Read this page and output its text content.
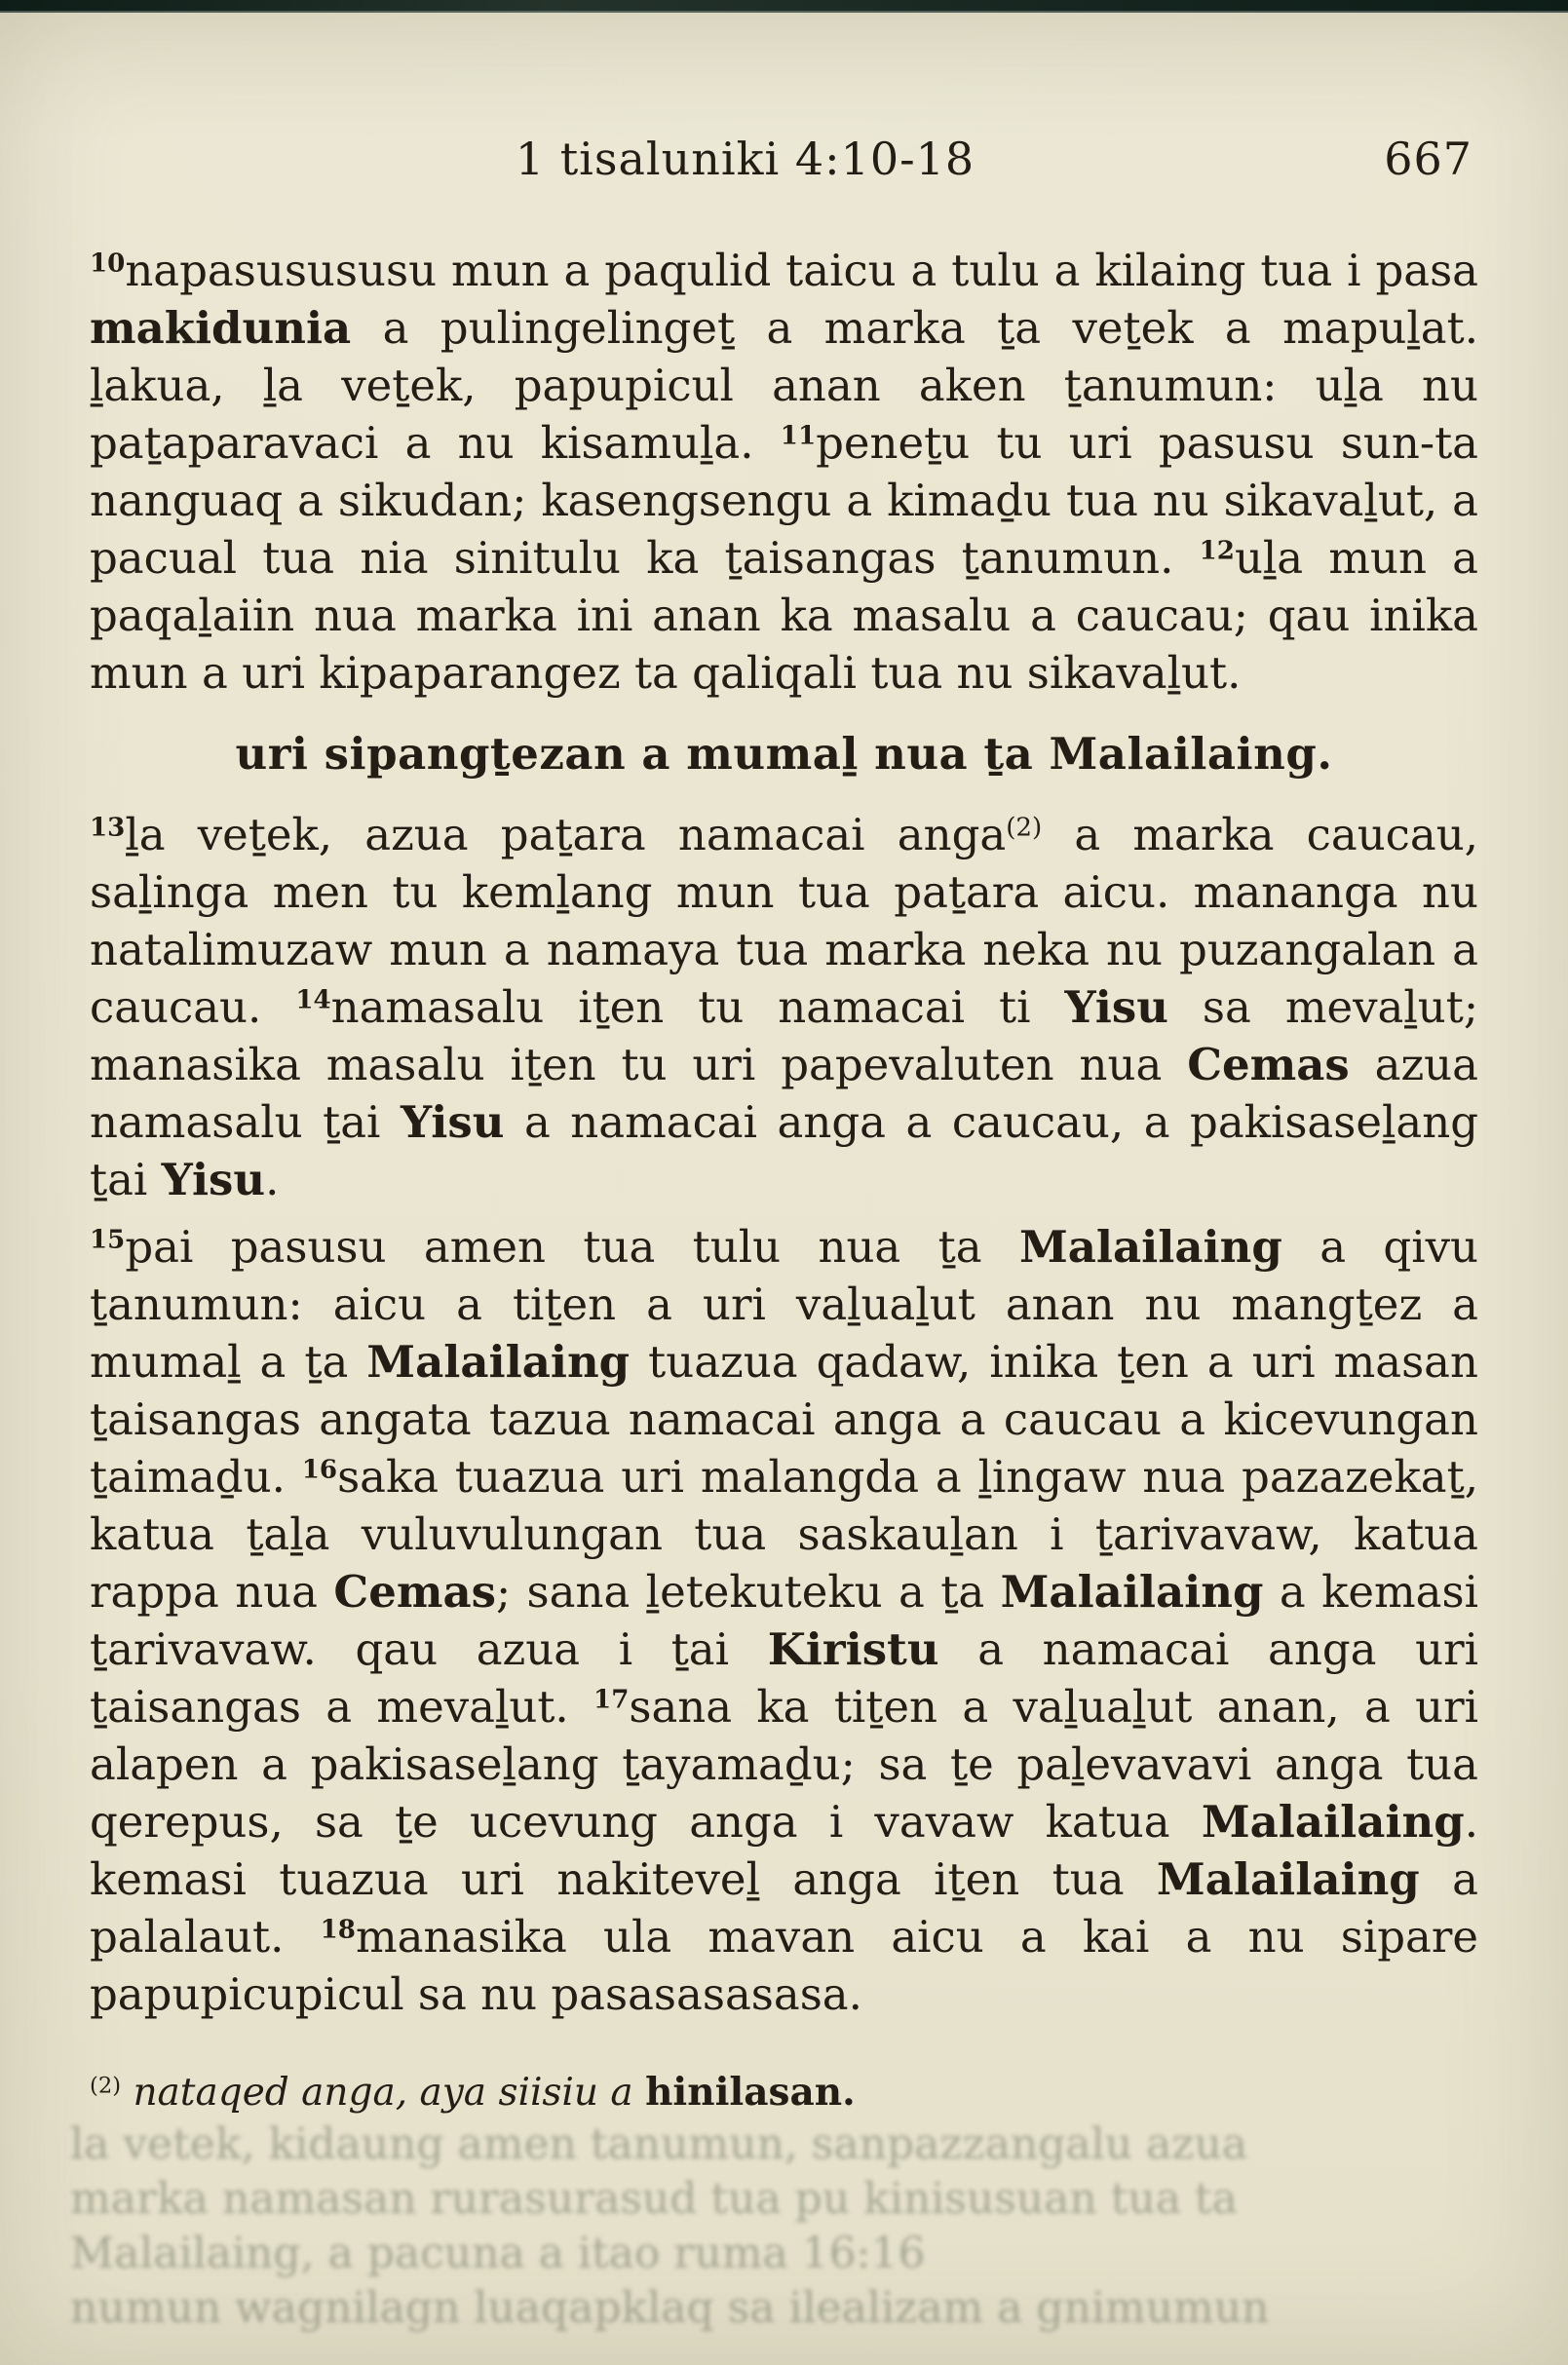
1 tisaluniki 4:10-18	667

$^{10}$napasusususu mun a paqulid taicu a tulu a kilaing tua i pasa makidunia a pulingelingeṯ a marka ṯa veṯek a mapuḻat. ḻakua, ḻa veṯek, papupicul anan aken ṯanumun: uḻa nu paṯaparavaci a nu kisamuḻa. $^{11}$peneṯu tu uri pasusu sun-ta nanguaq a sikudan; kasengsengu a kimaḏu tua nu sikavaḻut, a pacual tua nia sinitulu ka ṯaisangas ṯanumun. $^{12}$uḻa mun a paqaḻaiin nua marka ini anan ka masalu a caucau; qau inika mun a uri kipaparangez ta qaliqali tua nu sikavaḻut.

uri sipangṯezan a mumaḻ nua ṯa Malailaing.

$^{13}$ḻa veṯek, azua paṯara namacai anga$^{(2)}$ a marka caucau, saḻinga men tu kemḻang mun tua paṯara aicu. mananga nu natalimuzaw mun a namaya tua marka neka nu puzangalan a caucau. $^{14}$namasalu iṯen tu namacai ti Yisu sa mevaḻut; manasika masalu iṯen tu uri papevaluten nua Cemas azua namasalu ṯai Yisu a namacai anga a caucau, a pakisaseḻang ṯai Yisu.

$^{15}$pai pasusu amen tua tulu nua ṯa Malailaing a qivu ṯanumun: aicu a tiṯen a uri vaḻuaḻut anan nu mangṯez a mumaḻ a ṯa Malailaing tuazua qadaw, inika ṯen a uri masan ṯaisangas angata tazua namacai anga a caucau a kicevungan ṯaimaḏu. $^{16}$saka tuazua uri malangda a ḻingaw nua pazazekaṯ, katua ṯaḻa vuluvulungan tua saskauḻan i ṯarivavaw, katua rappa nua Cemas; sana ḻetekuteku a ṯa Malailaing a kemasi ṯarivavaw. qau azua i ṯai Kiristu a namacai anga uri ṯaisangas a mevaḻut. $^{17}$sana ka tiṯen a vaḻuaḻut anan, a uri alapen a pakisaseḻang ṯayamaḏu; sa ṯe paḻevavavi anga tua qerepus, sa ṯe ucevung anga i vavaw katua Malailaing. kemasi tuazua uri nakiteveḻ anga iṯen tua Malailaing a palalaut. $^{18}$manasika ula mavan aicu a kai a nu sipare papupicupicul sa nu pasasasasasa.

$^{(2)}$ nataqed anga, aya siisiu a hinilasan.

la vetek, kidaung amen tanumun, sanpazzangalu azua
marka namasan rurasurasud tua pu kinisusuan tua ta
Malailaing, a pacuna a itao ruma 16:16
numun wagnilagn luaqapklaq sa ilealizam a gnimumun
